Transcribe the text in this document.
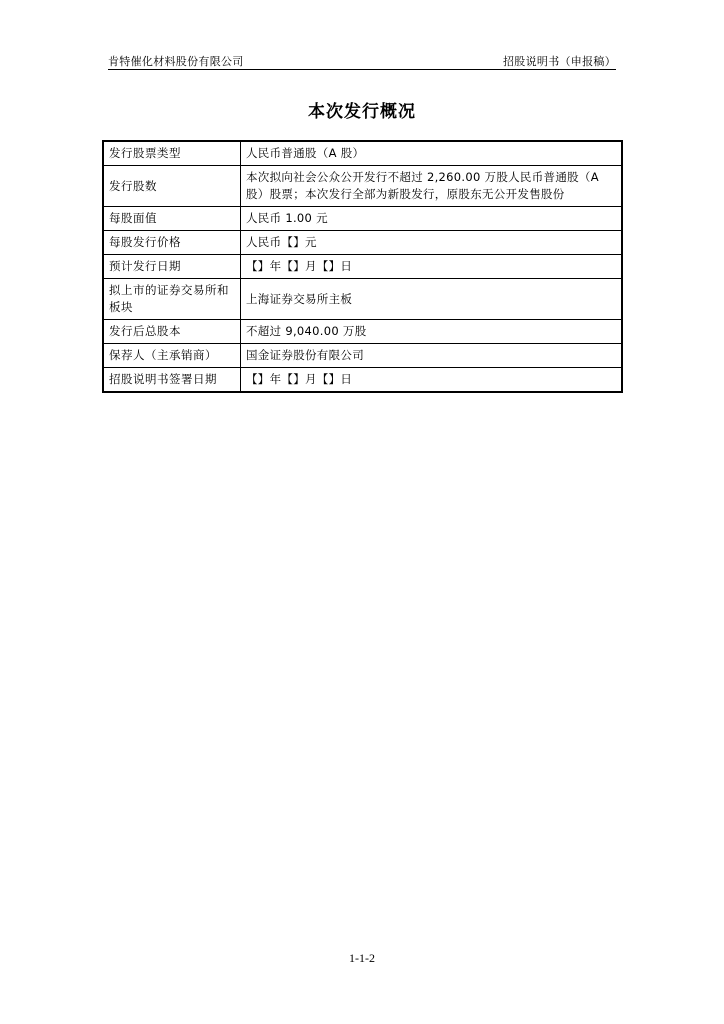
肯特催化材料股份有限公司	招股说明书（申报稿）
本次发行概况
发行股票类型	人民币普通股（A 股）
发行股数	本次拟向社会公众公开发行不超过 2,260.00 万股人民币普通股（A 股）股票；本次发行全部为新股发行，原股东无公开发售股份
每股面值	人民币 1.00 元
每股发行价格	人民币【】元
预计发行日期	【】年【】月【】日
拟上市的证券交易所和板块	上海证券交易所主板
发行后总股本	不超过 9,040.00 万股
保荐人（主承销商）	国金证券股份有限公司
招股说明书签署日期	【】年【】月【】日
1-1-2
